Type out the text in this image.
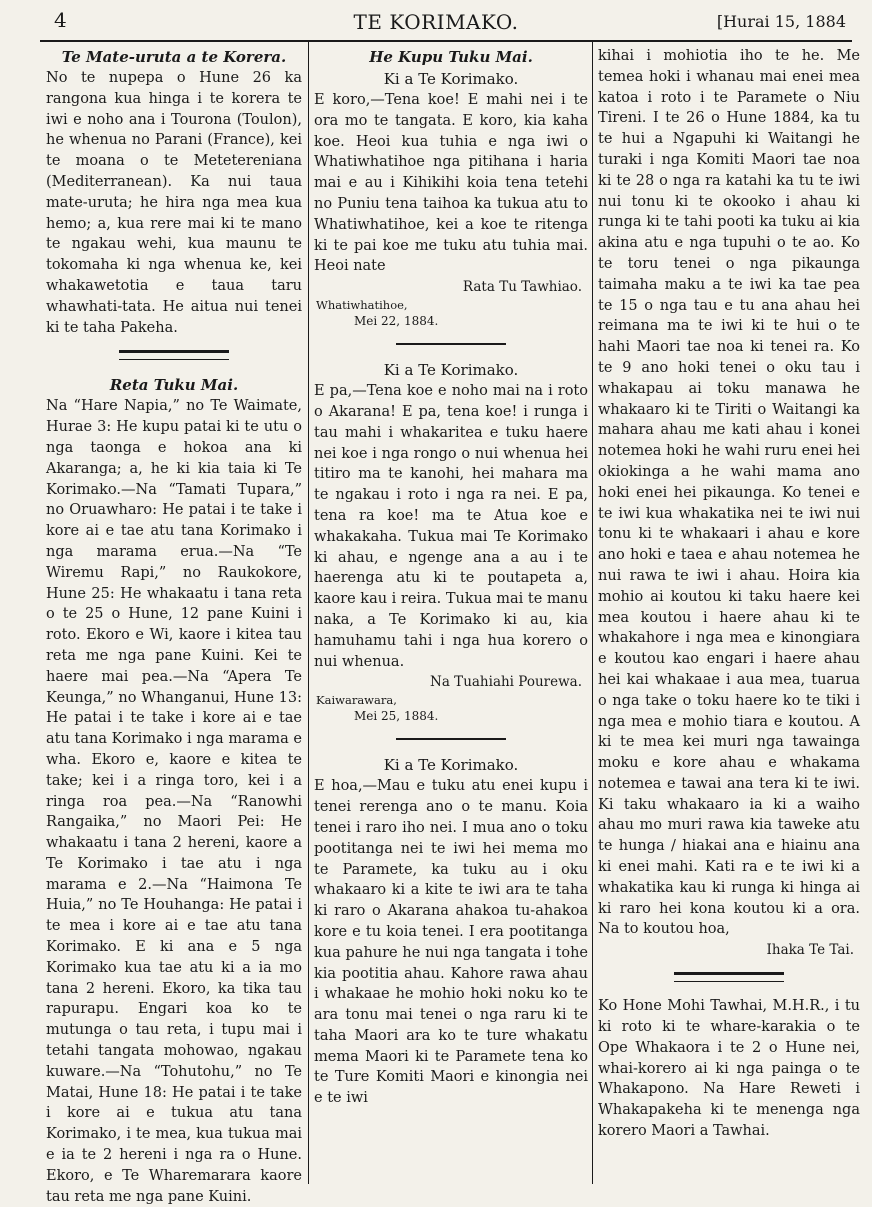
4	TE KORIMAKO.	[Hurai 15, 1884

Te Mate-uruta a te Korera.

No te nupepa o Hune 26 ka rangona kua hinga i te korera te iwi e noho ana i Tourona (Toulon), he whenua no Parani (France), kei te moana o te Metetereniana (Mediterranean). Ka nui taua mate-uruta; he hira nga mea kua hemo; a, kua rere mai ki te mano te ngakau wehi, kua maunu te tokomaha ki nga whenua ke, kei whakawetotia e taua taru whawhati-tata. He aitua nui tenei ki te taha Pakeha.

Reta Tuku Mai.

Na “Hare Napia,” no Te Waimate, Hurae 3: He kupu patai ki te utu o nga taonga e hokoa ana ki Akaranga; a, he ki kia taia ki Te Korimako.—Na “Tamati Tupara,” no Oruawharo: He patai i te take i kore ai e tae atu tana Korimako i nga marama erua.—Na “Te Wiremu Rapi,” no Raukokore, Hune 25: He whakaatu i tana reta o te 25 o Hune, 12 pane Kuini i roto. Ekoro e Wi, kaore i kitea tau reta me nga pane Kuini. Kei te haere mai pea.—Na “Apera Te Keunga,” no Whanganui, Hune 13: He patai i te take i kore ai e tae atu tana Korimako i nga marama e wha. Ekoro e, kaore e kitea te take; kei i a ringa toro, kei i a ringa roa pea.—Na “Ranowhi Rangaika,” no Maori Pei: He whakaatu i tana 2 hereni, kaore a Te Korimako i tae atu i nga marama e 2.—Na “Haimona Te Huia,” no Te Houhanga: He patai i te mea i kore ai e tae atu tana Korimako. E ki ana e 5 nga Korimako kua tae atu ki a ia mo tana 2 hereni. Ekoro, ka tika tau rapurapu. Engari koa ko te mutunga o tau reta, i tupu mai i tetahi tangata mohowao, ngakau kuware.—Na “Tohutohu,” no Te Matai, Hune 18: He patai i te take i kore ai e tukua atu tana Korimako, i te mea, kua tukua mai e ia te 2 hereni i nga ra o Hune. Ekoro, e Te Wharemarara kaore tau reta me nga pane Kuini.

He Kupu Tuku Mai.

Ki a Te Korimako.

E koro,—Tena koe! E mahi nei i te ora mo te tangata. E koro, kia kaha koe. Heoi kua tuhia e nga iwi o Whatiwhatihoe nga pitihana i haria mai e au i Kihikihi koia tena tetehi no Puniu tena taihoa ka tukua atu to Whatiwhatihoe, kei a koe te ritenga ki te pai koe me tuku atu tuhia mai. Heoi nate

Rata Tu Tawhiao.

Whatiwhatihoe,

Mei 22, 1884.

Ki a Te Korimako.

E pa,—Tena koe e noho mai na i roto o Akarana! E pa, tena koe! i runga i tau mahi i whakaritea e tuku haere nei koe i nga rongo o nui whenua hei titiro ma te kanohi, hei mahara ma te ngakau i roto i nga ra nei. E pa, tena ra koe! ma te Atua koe e whakakaha. Tukua mai Te Korimako ki ahau, e ngenge ana a au i te haerenga atu ki te poutapeta a, kaore kau i reira. Tukua mai te manu naka, a Te Korimako ki au, kia hamuhamu tahi i nga hua korero o nui whenua.

Na Tuahiahi Pourewa.

Kaiwarawara,

Mei 25, 1884.

Ki a Te Korimako.

E hoa,—Mau e tuku atu enei kupu i tenei rerenga ano o te manu. Koia tenei i raro iho nei. I mua ano o toku pootitanga nei te iwi hei mema mo te Paramete, ka tuku au i oku whakaaro ki a kite te iwi ara te taha ki raro o Akarana ahakoa tu-ahakoa kore e tu koia tenei. I era pootitanga kua pahure he nui nga tangata i tohe kia pootitia ahau. Kahore rawa ahau i whakaae he mohio hoki noku ko te ara tonu mai tenei o nga raru ki te taha Maori ara ko te ture whakatu mema Maori ki te Paramete tena ko te Ture Komiti Maori e kinongia nei e te iwi

kihai i mohiotia iho te he. Me temea hoki i whanau mai enei mea katoa i roto i te Paramete o Niu Tireni. I te 26 o Hune 1884, ka tu te hui a Ngapuhi ki Waitangi he turaki i nga Komiti Maori tae noa ki te 28 o nga ra katahi ka tu te iwi nui tonu ki te okooko i ahau ki runga ki te tahi pooti ka tuku ai kia akina atu e nga tupuhi o te ao. Ko te toru tenei o nga pikaunga taimaha maku a te iwi ka tae pea te 15 o nga tau e tu ana ahau hei reimana ma te iwi ki te hui o te hahi Maori tae noa ki tenei ra. Ko te 9 ano hoki tenei o oku tau i whakapau ai toku manawa he whakaaro ki te Tiriti o Waitangi ka mahara ahau me kati ahau i konei notemea hoki he wahi ruru enei hei okiokinga a he wahi mama ano hoki enei hei pikaunga. Ko tenei e te iwi kua whakatika nei te iwi nui tonu ki te whakaari i ahau e kore ano hoki e taea e ahau notemea he nui rawa te iwi i ahau. Hoira kia mohio ai koutou ki taku haere kei mea koutou i haere ahau ki te whakahore i nga mea e kinongiara e koutou kao engari i haere ahau hei kai whakaae i aua mea, tuarua o nga take o toku haere ko te tiki i nga mea e mohio tiara e koutou. A ki te mea kei muri nga tawainga moku e kore ahau e whakama notemea e tawai ana tera ki te iwi. Ki taku whakaaro ia ki a waiho ahau mo muri rawa kia taweke atu te hunga / hiakai ana e hiainu ana ki enei mahi. Kati ra e te iwi ki a whakatika kau ki runga ki hinga ai ki raro hei kona koutou ki a ora. Na to koutou hoa,

Ihaka Te Tai.

Ko Hone Mohi Tawhai, M.H.R., i tu ki roto ki te whare-karakia o te Ope Whakaora i te 2 o Hune nei, whai-korero ai ki nga painga o te Whakapono. Na Hare Reweti i Whakapakeha ki te menenga nga korero Maori a Tawhai.
